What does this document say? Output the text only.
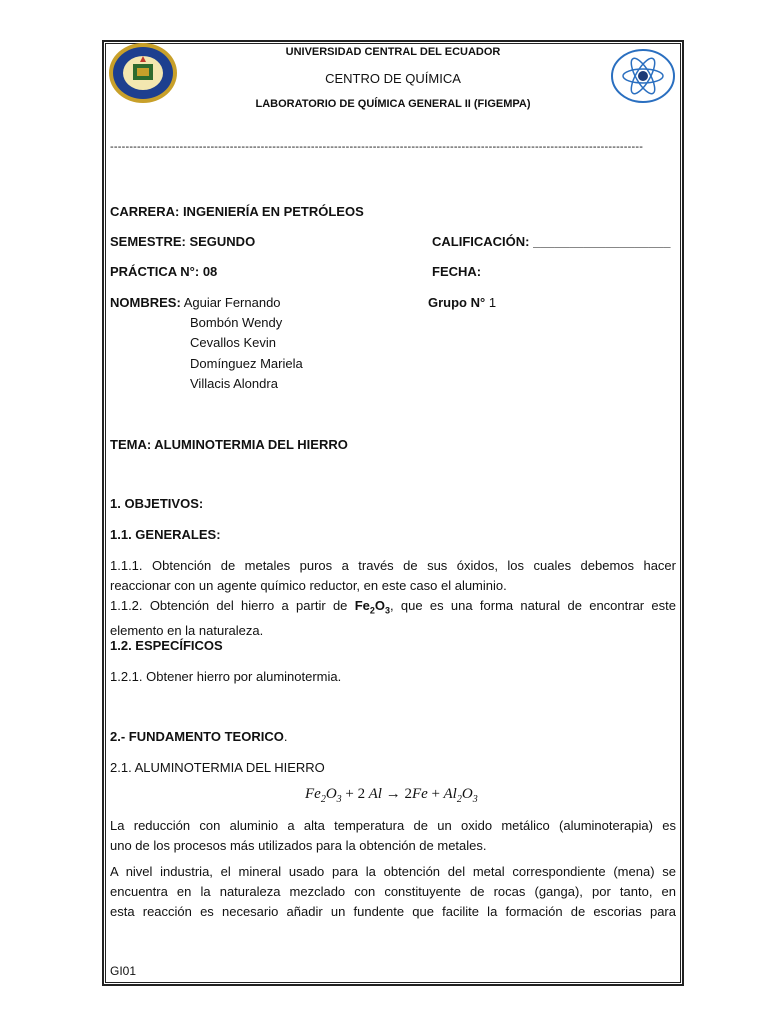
UNIVERSIDAD CENTRAL DEL ECUADOR
CENTRO DE QUÍMICA
LABORATORIO DE QUÍMICA GENERAL II (FIGEMPA)
------------------------------------------------------------------------------------------------------------------------------------------
CARRERA: INGENIERÍA EN PETRÓLEOS
SEMESTRE: SEGUNDO	CALIFICACIÓN: ___________________
PRÁCTICA N°: 08	FECHA:
NOMBRES: Aguiar Fernando	Grupo N° 1
Bombón Wendy
Cevallos Kevin
Domínguez Mariela
Villacis Alondra
TEMA: ALUMINOTERMIA DEL HIERRO
1. OBJETIVOS:
1.1. GENERALES:
1.1.1. Obtención de metales puros a través de sus óxidos, los cuales debemos hacer
reaccionar con un agente químico reductor, en este caso el aluminio.
1.1.2. Obtención del hierro a partir de $Fe_2O_3$, que es una forma natural de encontrar este
elemento en la naturaleza.
1.2. ESPECÍFICOS
1.2.1. Obtener hierro por aluminotermia.
2.- FUNDAMENTO TEORICO.
2.1. ALUMINOTERMIA DEL HIERRO
$Fe_2O_3 + 2$ $Al \to 2Fe + Al_2O_3$
La reducción con aluminio a alta temperatura de un oxido metálico (aluminoterapia) es
uno de los procesos más utilizados para la obtención de metales.
A nivel industria, el mineral usado para la obtención del metal correspondiente (mena) se
encuentra en la naturaleza mezclado con constituyente de rocas (ganga), por tanto, en
esta reacción es necesario añadir un fundente que facilite la formación de escorias para
GI01
